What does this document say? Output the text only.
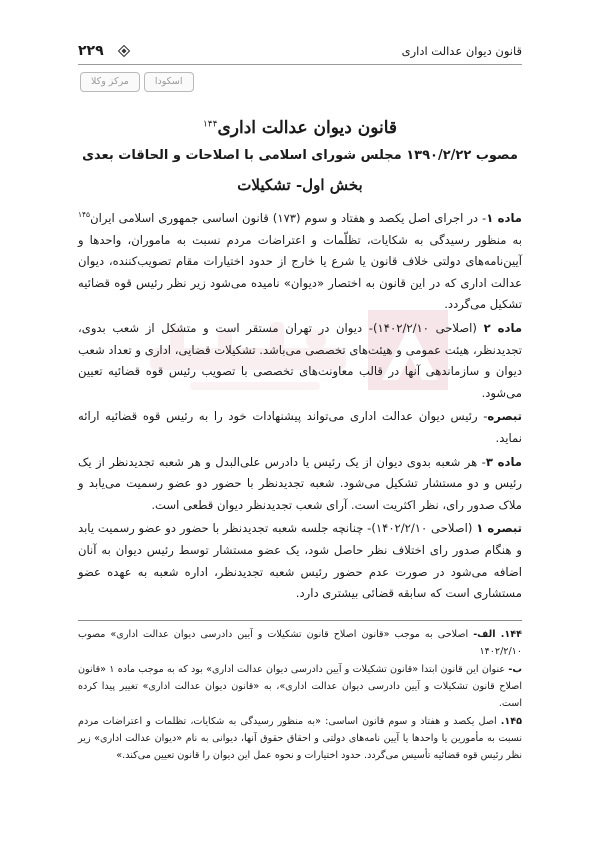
قانون دیوان عدالت اداری
۲۲۹
مرکز وکلا	اسکودا
قانون دیوان عدالت اداری$^{۱۴۴}$
مصوب ۱۳۹۰/۲/۲۲ مجلس شورای اسلامی با اصلاحات و الحاقات بعدی
بخش اول- تشکیلات

ماده ۱- در اجرای اصل یکصد و هفتاد و سوم (۱۷۳) قانون اساسی جمهوری اسلامی ایران$^{۱۴۵}$ به منظور رسیدگی به شکایات، تظلّمات و اعتراضات مردم نسبت به ماموران، واحدها و آیین‌نامه‌های دولتی خلاف قانون یا شرع یا خارج از حدود اختیارات مقام تصویب‌کننده، دیوان عدالت اداری که در این قانون به اختصار «دیوان» نامیده می‌شود زیر نظر رئیس قوه قضائیه تشکیل می‌گردد.

ماده ۲ (اصلاحی ۱۴۰۲/۲/۱۰)- دیوان در تهران مستقر است و متشکل از شعب بدوی، تجدیدنظر، هیئت عمومی و هیئت‌های تخصصی می‌باشد. تشکیلات قضایی، اداری و تعداد شعب دیوان و سازماندهی آنها در قالب معاونت‌های تخصصی با تصویب رئیس قوه قضائیه تعیین می‌شود.

تبصره- رئیس دیوان عدالت اداری می‌تواند پیشنهادات خود را به رئیس قوه قضائیه ارائه نماید.

ماده ۳- هر شعبه بدوی دیوان از یک رئیس یا دادرس علی‌البدل و هر شعبه تجدیدنظر از یک رئیس و دو مستشار تشکیل می‌شود. شعبه تجدیدنظر با حضور دو عضو رسمیت می‌یابد و ملاک صدور رای، نظر اکثریت است. آرای شعب تجدیدنظر دیوان قطعی است.

تبصره ۱ (اصلاحی ۱۴۰۲/۲/۱۰)- چنانچه جلسه شعبه تجدیدنظر با حضور دو عضو رسمیت یابد و هنگام صدور رای اختلاف نظر حاصل شود، یک عضو مستشار توسط رئیس دیوان به آنان اضافه می‌شود در صورت عدم حضور رئیس شعبه تجدیدنظر، اداره شعبه به عهده عضو مستشاری است که سابقه قضائی بیشتری دارد.

۱۴۴. الف- اصلاحی به موجب «قانون اصلاح قانون تشکیلات و آیین دادرسی دیوان عدالت اداری» مصوب ۱۴۰۲/۲/۱۰

ب- عنوان این قانون ابتدا «قانون تشکیلات و آیین دادرسی دیوان عدالت اداری» بود که به موجب ماده ۱ «قانون اصلاح قانون تشکیلات و آیین دادرسی دیوان عدالت اداری»، به «قانون دیوان عدالت اداری» تغییر پیدا کرده است.

۱۴۵. اصل یکصد و هفتاد و سوم قانون اساسی: «به منظور رسیدگی به شکایات، تظلمات و اعتراضات مردم نسبت به مأمورین یا واحدها یا آیین نامه‌های دولتی و احقاق حقوق آنها، دیوانی به نام «دیوان عدالت اداری» زیر نظر رئیس قوه قضائیه تأسیس می‌گردد. حدود اختیارات و نحوه عمل این دیوان را قانون تعیین می‌کند.»
